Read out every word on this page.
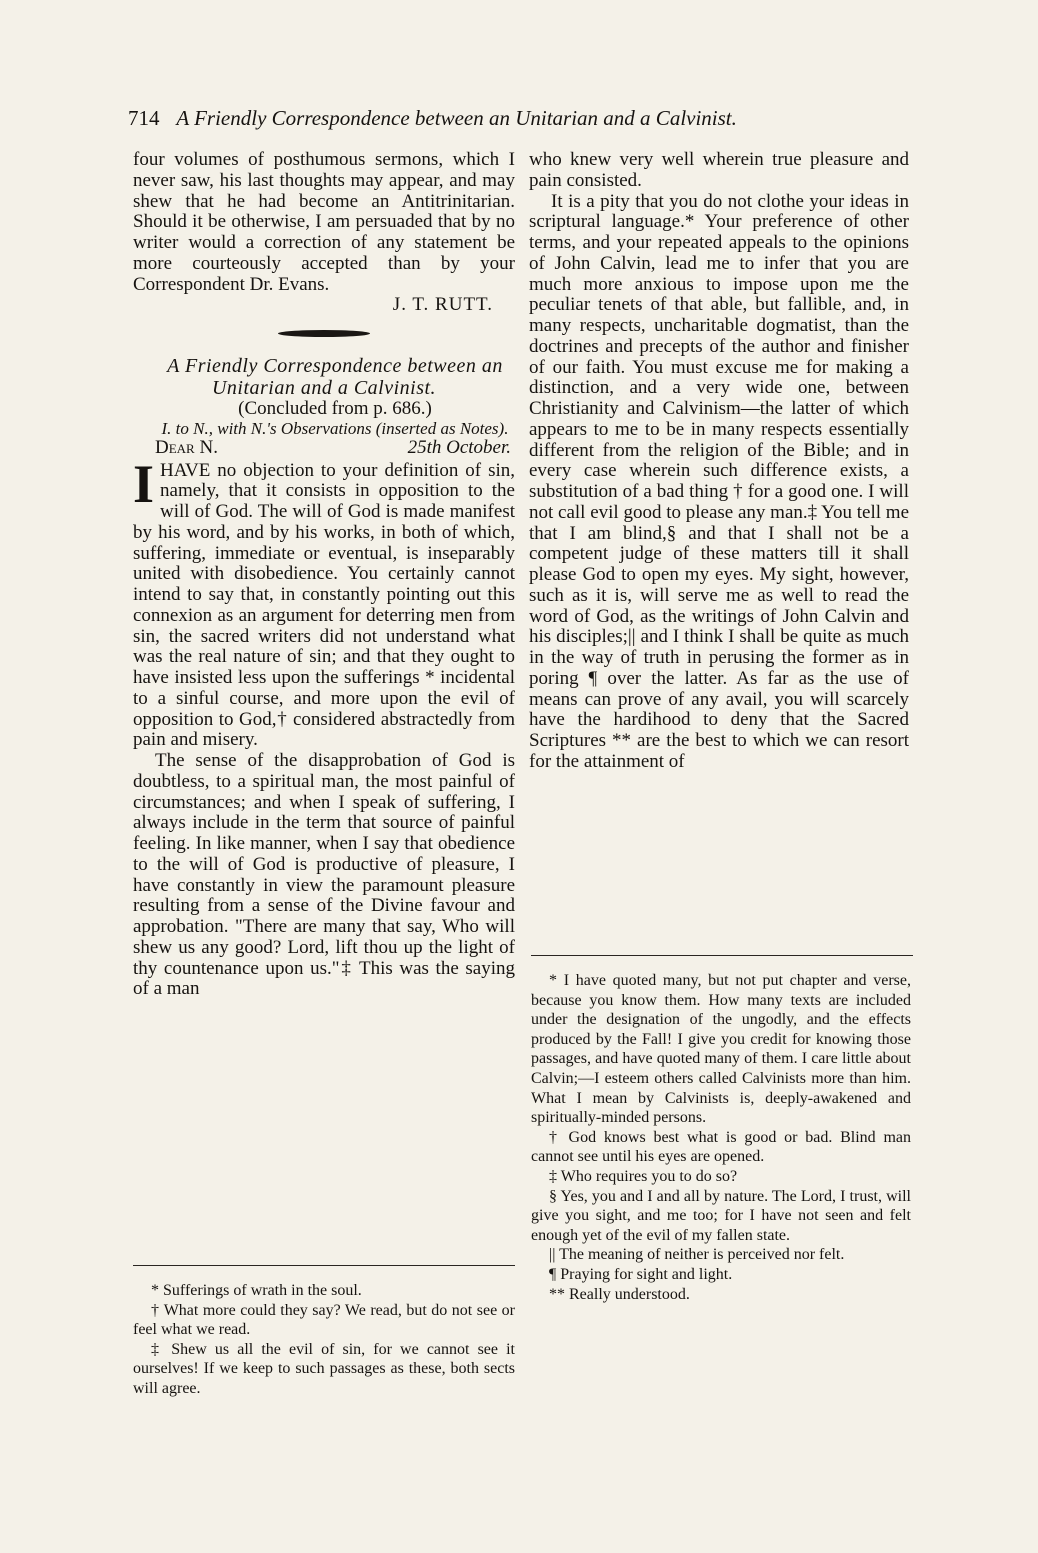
714 A Friendly Correspondence between an Unitarian and a Calvinist.

four volumes of posthumous sermons, which I never saw, his last thoughts may appear, and may shew that he had become an Antitrinitarian. Should it be otherwise, I am persuaded that by no writer would a correction of any statement be more courteously accepted than by your Correspondent Dr. Evans.

J. T. RUTT.

A Friendly Correspondence between an Unitarian and a Calvinist.

(Concluded from p. 686.)

I. to N., with N.'s Observations (inserted as Notes).

Dear N.	25th October.

IHAVE no objection to your definition of sin, namely, that it consists in opposition to the will of God. The will of God is made manifest by his word, and by his works, in both of which, suffering, immediate or eventual, is inseparably united with disobedience. You certainly cannot intend to say that, in constantly pointing out this connexion as an argument for deterring men from sin, the sacred writers did not understand what was the real nature of sin; and that they ought to have insisted less upon the sufferings * incidental to a sinful course, and more upon the evil of opposition to God,† considered abstractedly from pain and misery.

The sense of the disapprobation of God is doubtless, to a spiritual man, the most painful of circumstances; and when I speak of suffering, I always include in the term that source of painful feeling. In like manner, when I say that obedience to the will of God is productive of pleasure, I have constantly in view the paramount pleasure resulting from a sense of the Divine favour and approbation. "There are many that say, Who will shew us any good? Lord, lift thou up the light of thy countenance upon us."‡ This was the saying of a man

who knew very well wherein true pleasure and pain consisted.

It is a pity that you do not clothe your ideas in scriptural language.* Your preference of other terms, and your repeated appeals to the opinions of John Calvin, lead me to infer that you are much more anxious to impose upon me the peculiar tenets of that able, but fallible, and, in many respects, uncharitable dogmatist, than the doctrines and precepts of the author and finisher of our faith. You must excuse me for making a distinction, and a very wide one, between Christianity and Calvinism—the latter of which appears to me to be in many respects essentially different from the religion of the Bible; and in every case wherein such difference exists, a substitution of a bad thing † for a good one. I will not call evil good to please any man.‡ You tell me that I am blind,§ and that I shall not be a competent judge of these matters till it shall please God to open my eyes. My sight, however, such as it is, will serve me as well to read the word of God, as the writings of John Calvin and his disciples;|| and I think I shall be quite as much in the way of truth in perusing the former as in poring ¶ over the latter. As far as the use of means can prove of any avail, you will scarcely have the hardihood to deny that the Sacred Scriptures ** are the best to which we can resort for the attainment of

* Sufferings of wrath in the soul.

† What more could they say? We read, but do not see or feel what we read.

‡ Shew us all the evil of sin, for we cannot see it ourselves! If we keep to such passages as these, both sects will agree.

* I have quoted many, but not put chapter and verse, because you know them. How many texts are included under the designation of the ungodly, and the effects produced by the Fall! I give you credit for knowing those passages, and have quoted many of them. I care little about Calvin;—I esteem others called Calvinists more than him. What I mean by Calvinists is, deeply-awakened and spiritually-minded persons.

† God knows best what is good or bad. Blind man cannot see until his eyes are opened.

‡ Who requires you to do so?

§ Yes, you and I and all by nature. The Lord, I trust, will give you sight, and me too; for I have not seen and felt enough yet of the evil of my fallen state.

|| The meaning of neither is perceived nor felt.

¶ Praying for sight and light.

** Really understood.
